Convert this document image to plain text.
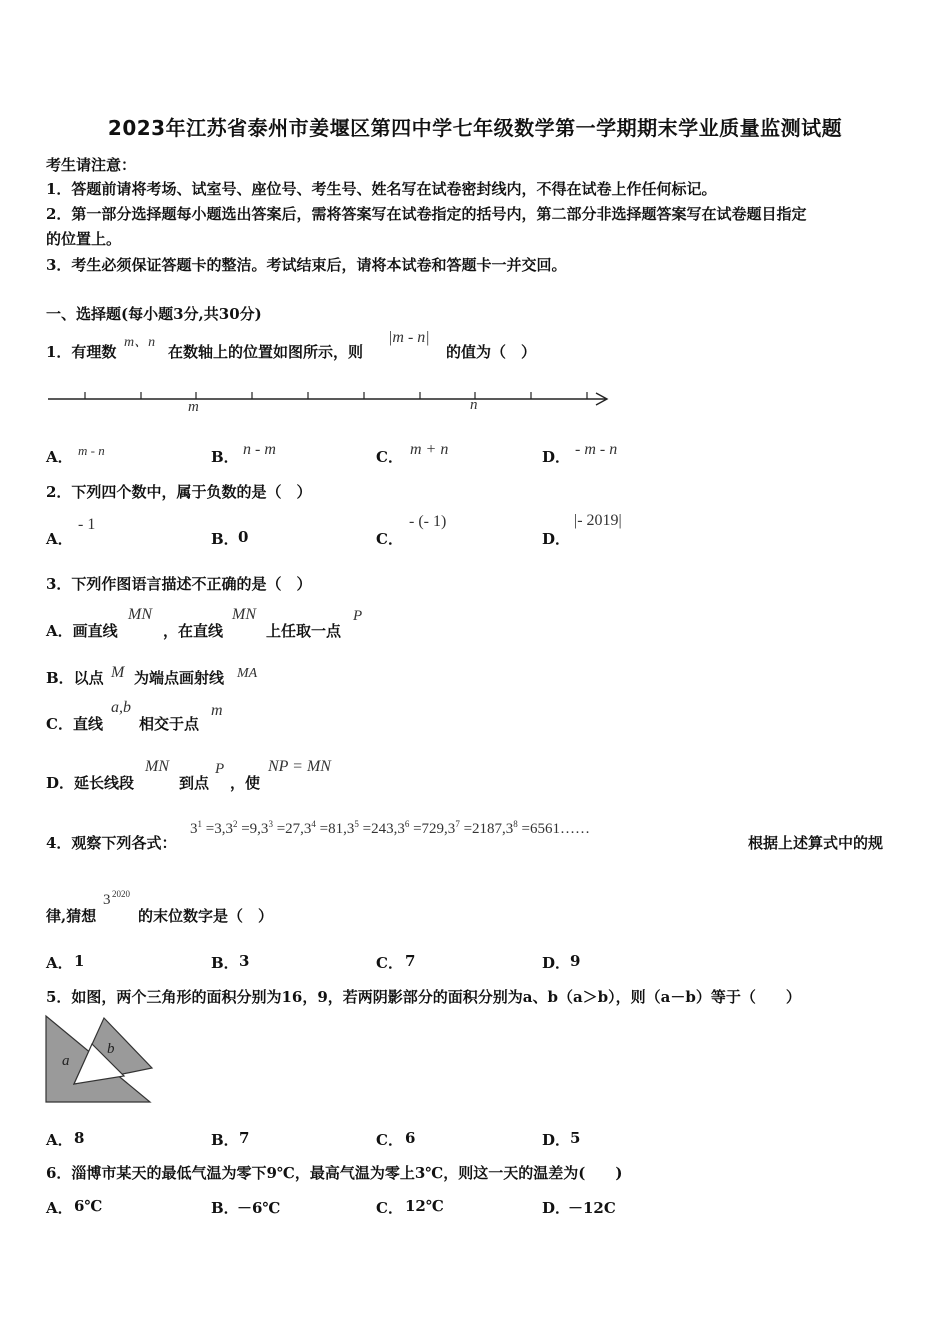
2023年江苏省泰州市姜堰区第四中学七年级数学第一学期期末学业质量监测试题
考生请注意：
1．答题前请将考场、试室号、座位号、考生号、姓名写在试卷密封线内，不得在试卷上作任何标记。
2．第一部分选择题每小题选出答案后，需将答案写在试卷指定的括号内，第二部分非选择题答案写在试卷题目指定
的位置上。
3．考生必须保证答题卡的整洁。考试结束后，请将本试卷和答题卡一并交回。
一、选择题(每小题3分,共30分)
1．有理数
m、n
在数轴上的位置如图所示，则
|m - n|
的值为（　）
m	n
A． m - n	B． n - m	C． m + n	D． - m - n
2．下列四个数中，属于负数的是（　）
A．
- 1
B． 0	C．
- (- 1)
D．
|- 2019|
3．下列作图语言描述不正确的是（　）
A．画直线
MN
，在直线
MN
上任取一点
P
B．以点 M 为端点画射线 MA
C．直线
a,b
相交于点
m
D．延长线段
MN
到点
P
，使
NP = MN
4．观察下列各式：
$3^1 =3,3^2 =9,3^3 =27,3^4 =81,3^5 =243,3^6 =729,3^7 =2187,3^8$ =6561……
根据上述算式中的规
律,猜想
3 2020
的末位数字是（　）
A． 1	B． 3	C． 7	D． 9
5．如图，两个三角形的面积分别为16，9，若两阴影部分的面积分别为a、b（a＞b），则（a－b）等于（　　）
a
b
A． 8	B． 7	C． 6	D． 5
6．淄博市某天的最低气温为零下9℃，最高气温为零上3℃，则这一天的温差为(　　)
A． 6℃	B．
－6℃	C． 12℃	D．
－12C
